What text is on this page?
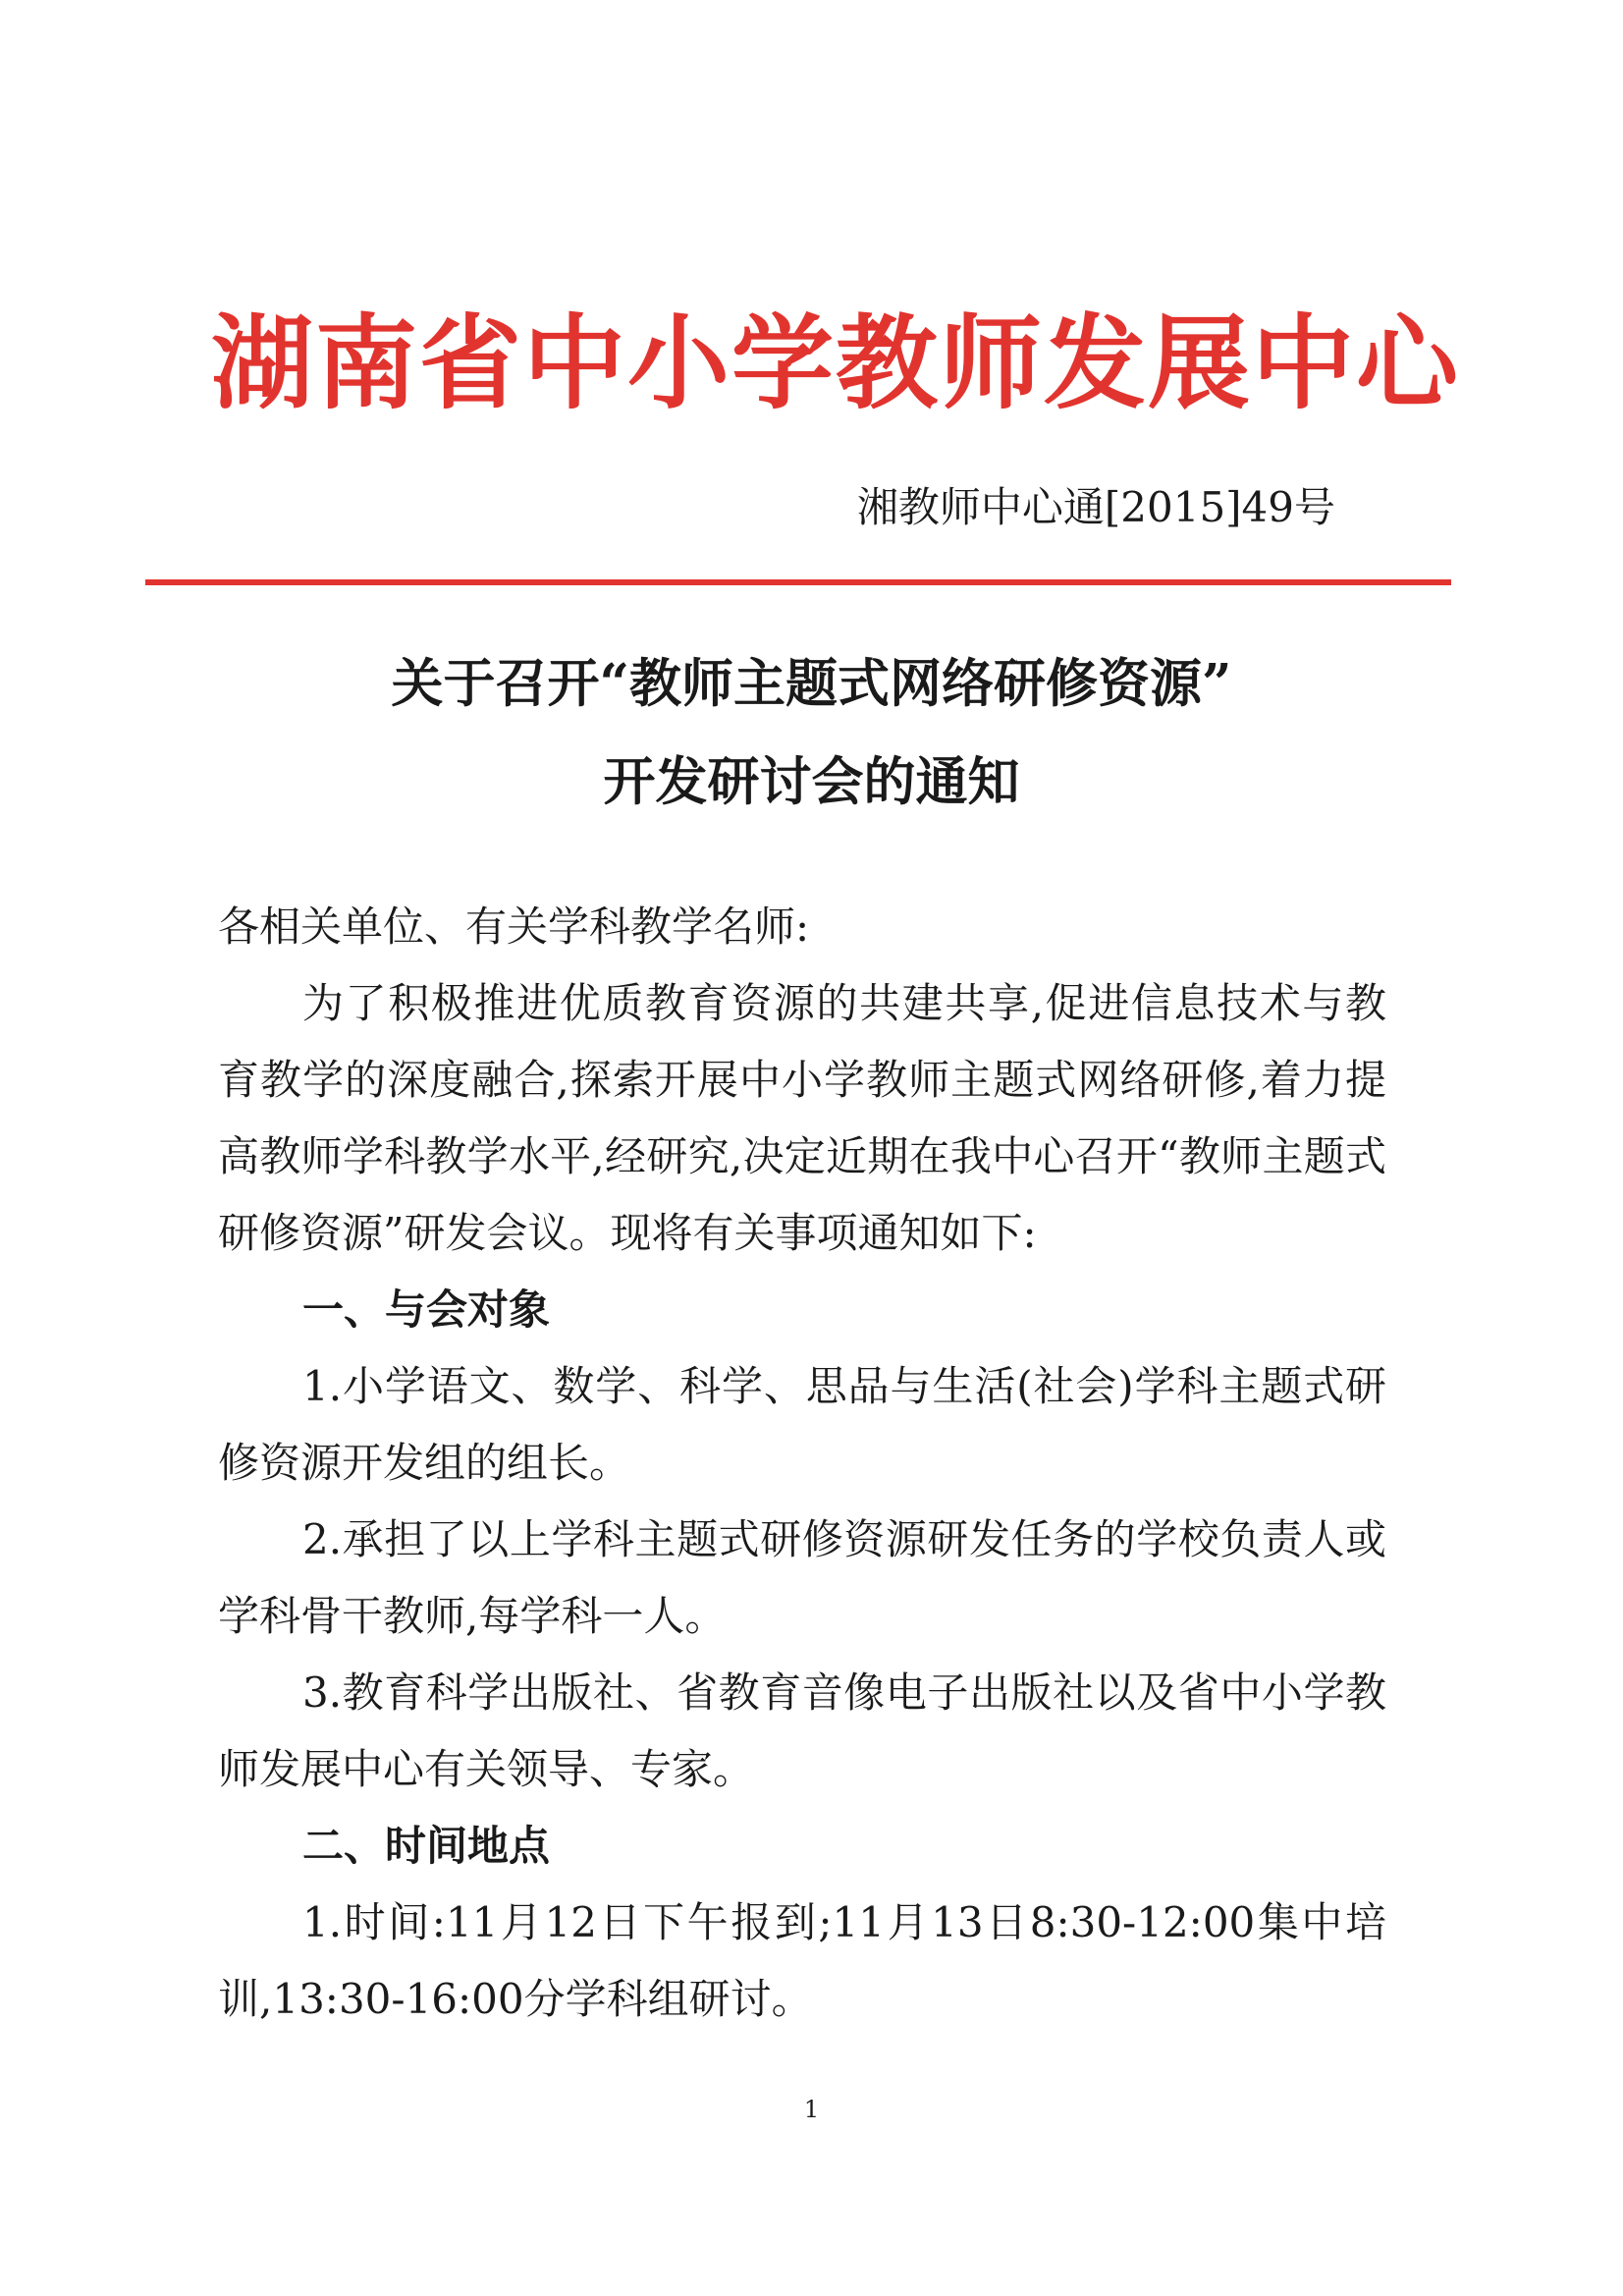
湖南省中小学教师发展中心
湘教师中心通[2015]49号
关于召开“教师主题式网络研修资源”
开发研讨会的通知

各相关单位、有关学科教学名师:

为了积极推进优质教育资源的共建共享,促进信息技术与教育教学的深度融合,探索开展中小学教师主题式网络研修,着力提高教师学科教学水平,经研究,决定近期在我中心召开“教师主题式研修资源”研发会议。现将有关事项通知如下:

一、与会对象

1.小学语文、数学、科学、思品与生活(社会)学科主题式研修资源开发组的组长。

2.承担了以上学科主题式研修资源研发任务的学校负责人或学科骨干教师,每学科一人。

3.教育科学出版社、省教育音像电子出版社以及省中小学教师发展中心有关领导、专家。

二、时间地点

1.时间:11月12日下午报到;11月13日8:30-12:00集中培训,13:30-16:00分学科组研讨。

1
